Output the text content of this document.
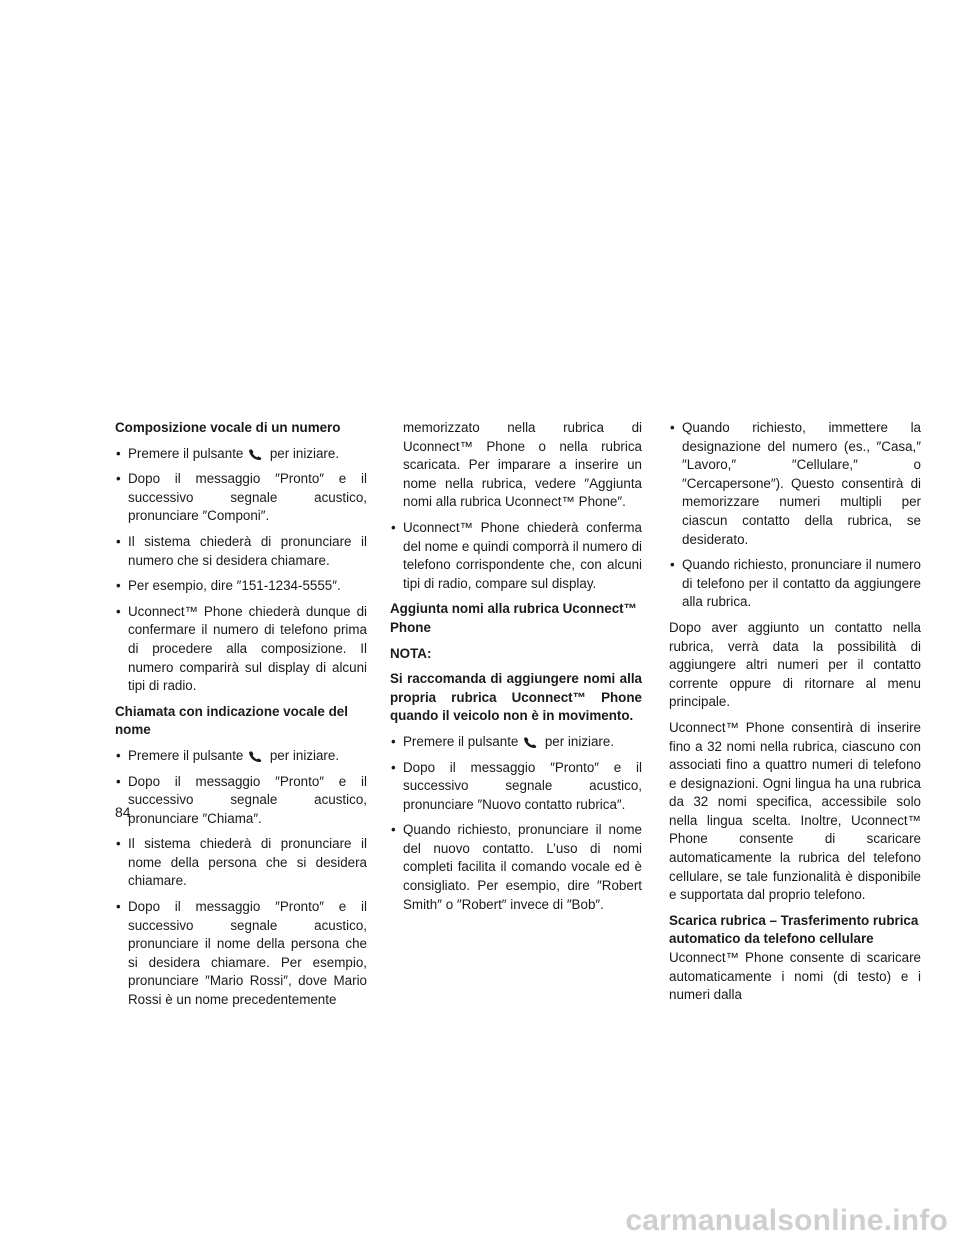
Composizione vocale di un numero
• Premere il pulsante per iniziare.
• Dopo il messaggio ″Pronto″ e il successivo segnale acustico, pronunciare ″Componi″.
• Il sistema chiederà di pronunciare il numero che si desidera chiamare.
• Per esempio, dire ″151-1234-5555″.
• Uconnect™ Phone chiederà dunque di confermare il numero di telefono prima di procedere alla composizione. Il numero comparirà sul display di alcuni tipi di radio.
Chiamata con indicazione vocale del nome
• Premere il pulsante per iniziare.
• Dopo il messaggio ″Pronto″ e il successivo segnale acustico, pronunciare ″Chiama″.
• Il sistema chiederà di pronunciare il nome della persona che si desidera chiamare.
• Dopo il messaggio ″Pronto″ e il successivo segnale acustico, pronunciare il nome della persona che si desidera chiamare. Per esempio, pronunciare ″Mario Rossi″, dove Mario Rossi è un nome precedentemente
memorizzato nella rubrica di Uconnect™ Phone o nella rubrica scaricata. Per imparare a inserire un nome nella rubrica, vedere ″Aggiunta nomi alla rubrica Uconnect™ Phone″.
• Uconnect™ Phone chiederà conferma del nome e quindi comporrà il numero di telefono corrispondente che, con alcuni tipi di radio, compare sul display.
Aggiunta nomi alla rubrica Uconnect™ Phone
NOTA:
Si raccomanda di aggiungere nomi alla propria rubrica Uconnect™ Phone quando il veicolo non è in movimento.
• Premere il pulsante per iniziare.
• Dopo il messaggio ″Pronto″ e il successivo segnale acustico, pronunciare ″Nuovo contatto rubrica″.
• Quando richiesto, pronunciare il nome del nuovo contatto. L’uso di nomi completi facilita il comando vocale ed è consigliato. Per esempio, dire ″Robert Smith″ o ″Robert″ invece di ″Bob″.
• Quando richiesto, immettere la designazione del numero (es., ″Casa,″ ″Lavoro,″ ″Cellulare,″ o ″Cercapersone″). Questo consentirà di memorizzare numeri multipli per ciascun contatto della rubrica, se desiderato.
• Quando richiesto, pronunciare il numero di telefono per il contatto da aggiungere alla rubrica.

Dopo aver aggiunto un contatto nella rubrica, verrà data la possibilità di aggiungere altri numeri per il contatto corrente oppure di ritornare al menu principale.

Uconnect™ Phone consentirà di inserire fino a 32 nomi nella rubrica, ciascuno con associati fino a quattro numeri di telefono e designazioni. Ogni lingua ha una rubrica da 32 nomi specifica, accessibile solo nella lingua scelta. Inoltre, Uconnect™ Phone consente di scaricare automaticamente la rubrica del telefono cellulare, se tale funzionalità è disponibile e supportata dal proprio telefono.

Scarica rubrica – Trasferimento rubrica automatico da telefono cellulare

Uconnect™ Phone consente di scaricare automaticamente i nomi (di testo) e i numeri dalla

84
carmanualsonline.info
